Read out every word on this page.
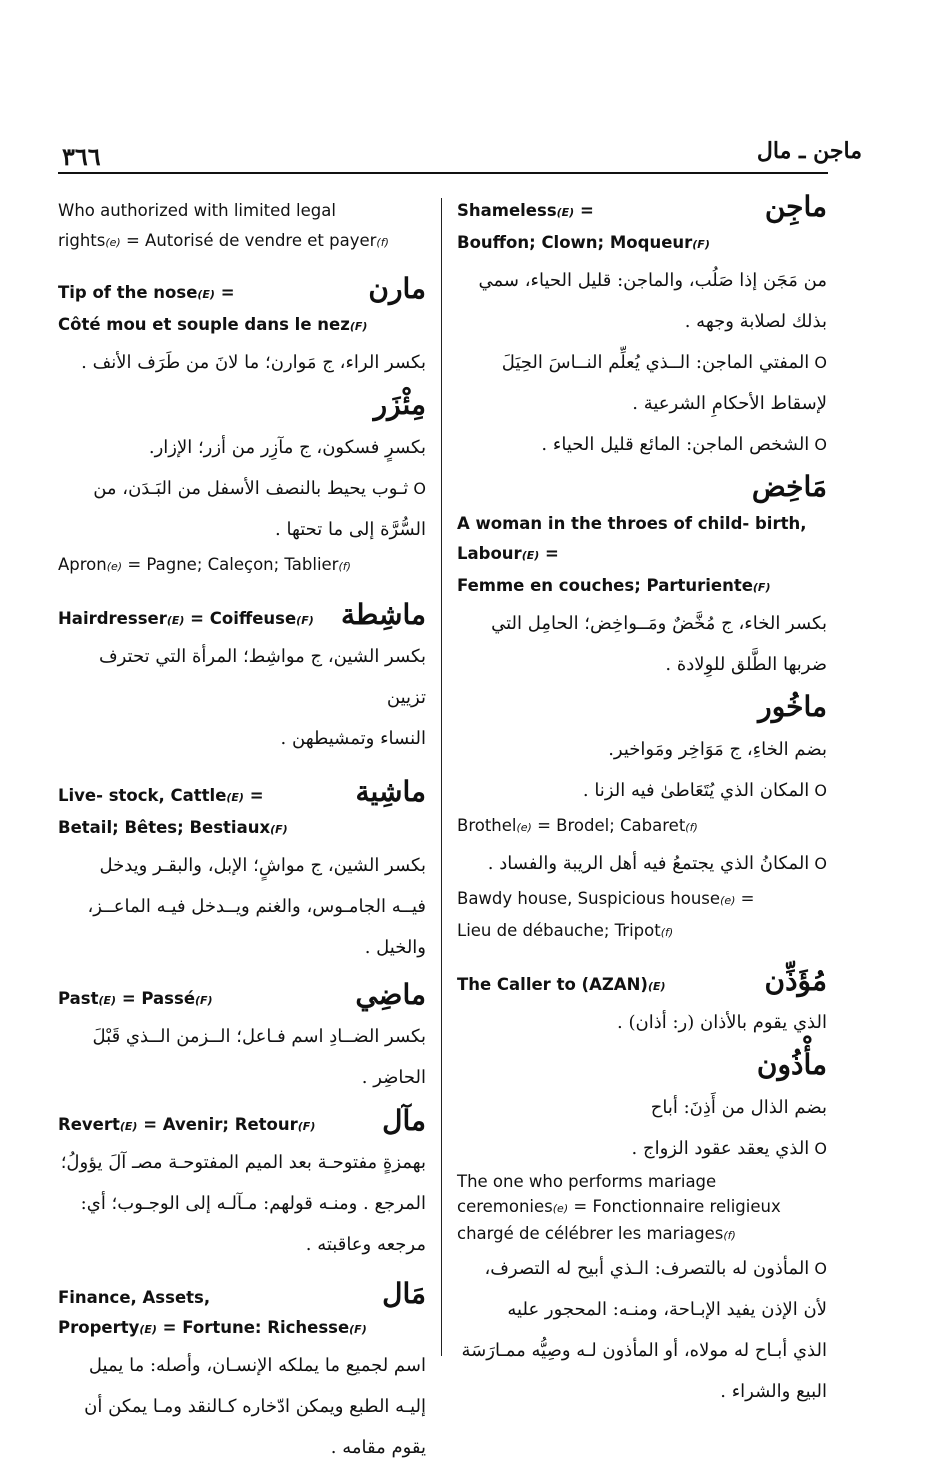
٣٦٦	ماجن ـ مال
Who authorized with limited legal
rights(e) = Autorisé de vendre et payer(f)
مارن
Tip of the nose(E) =
Côté mou et souple dans le nez(F)

بكسر الراء، ج مَوارن؛ ما لانَ من طَرَف الأنف .

مِئْزَر

بكسرٍ فسكون، ج مآزِر من أزر؛ الإزار.

O ثـوب يحيط بالنصف الأسفل من البَـدَن، من

السُّرَّة إلى ما تحتها .

Apron(e) = Pagne; Caleçon; Tablier(f)
ماشِطة
Hairdresser(E) = Coiffeuse(F)

بكسر الشين، ج مواشِط؛ المرأة التي تحترف تزيين

النساء وتمشيطهن .

ماشِية
Live- stock, Cattle(E) =
Betail; Bêtes; Bestiaux(F)

بكسر الشين، ج مواشٍ؛ الإبل، والبقـر ويدخل

فيــه الجامـوس، والغنم ويــدخل فيـه الماعــز،

والخيل .

ماضِي
Past(E) = Passé(F)

بكسر الضــادِ اسم فـاعل؛ الــزمن الــذي قَبْلَ

الحاضِر .

مآل
Revert(E) = Avenir; Retour(F)

بهمزةٍ مفتوحـة بعد الميم المفتوحـة مصـ آلَ يؤولُ؛

المرجع . ومنـه قولهم: مـآلـه إلى الوجـوب؛ أي:

مرجعه وعاقبته .

مَال
Finance, Assets,
Property(E) = Fortune: Richesse(F)

اسم لجميع ما يملكه الإنسـان، وأصله: ما يميل

إليـه الطبع ويمكن ادّخاره كـالنقد ومـا يمكن أن

يقوم مقامه .

ماجِن
Shameless(E) =
Bouffon; Clown; Moqueur(F)

من مَجَن إذا صَلُب، والماجن: قليل الحياء، سمي

بذلك لصلابة وجهه .

O المفتي الماجن: الــذي يُعلِّم النــاسَ الحِيَلَ

لإسقاط الأحكامِ الشرعية .

O الشخص الماجن: المائع قليل الحياء .

مَاخِض
A woman in the throes of child- birth,
Labour(E) =
Femme en couches; Parturiente(F)

بكسر الخاء، ج مُخَّضٌ ومَــواخِض؛ الحامِل التي

ضربها الطَّلق للوِلادة .

ماخُور

بضم الخاءِ، ج مَوَاخِر ومَواخير.

O المكان الذي يُتَعَاطىٰ فيه الزنا .

Brothel(e) = Brodel; Cabaret(f)

O المكانُ الذي يجتمعُ فيه أهل الريبة والفساد .

Bawdy house, Suspicious house(e) =
Lieu de débauche; Tripot(f)
مُؤَذِّن
The Caller to (AZAN)(E)

الذي يقوم بالأذان (ر: أذان) .

مأْذُون

بضم الذال من أَذِنَ: أباح

O الذي يعقد عقود الزواج .

The one who performs mariage
ceremonies(e) = Fonctionnaire religieux
chargé de célébrer les mariages(f)

O المأذون له بالتصرف: الـذي أبيح له التصرف،

لأن الإذن يفيد الإبـاحة، ومنـه: المحجور عليه

الذي أبـاح له مولاه، أو المأذون لـه وصِيُّه ممـارَسَة

البيع والشراء .
